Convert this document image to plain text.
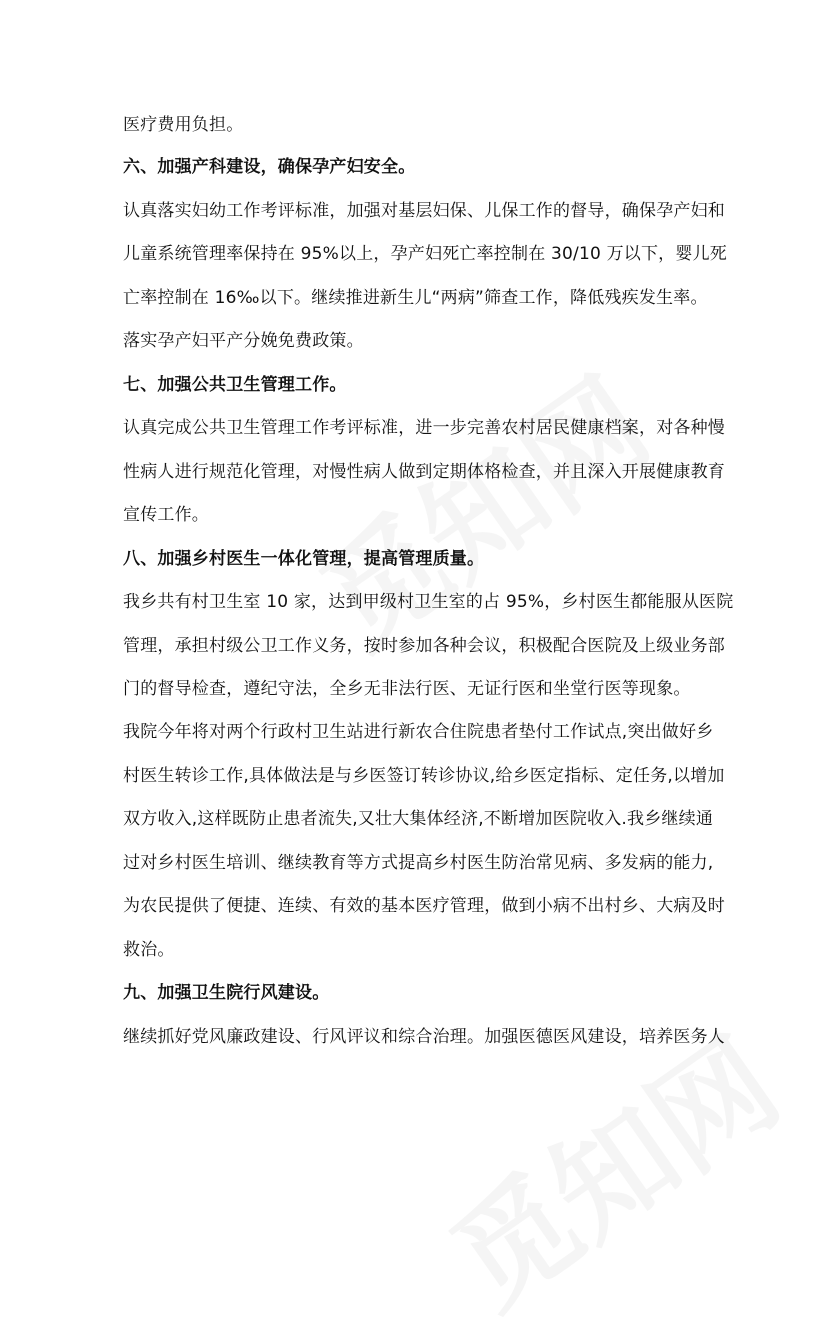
医疗费用负担。
六、加强产科建设，确保孕产妇安全。
认真落实妇幼工作考评标准，加强对基层妇保、儿保工作的督导，确保孕产妇和
儿童系统管理率保持在 95%以上，孕产妇死亡率控制在 30/10 万以下，婴儿死
亡率控制在 16‰以下。继续推进新生儿“两病”筛查工作，降低残疾发生率。
落实孕产妇平产分娩免费政策。
七、加强公共卫生管理工作。
认真完成公共卫生管理工作考评标准，进一步完善农村居民健康档案，对各种慢
性病人进行规范化管理，对慢性病人做到定期体格检查，并且深入开展健康教育
宣传工作。
八、加强乡村医生一体化管理，提高管理质量。
我乡共有村卫生室 10 家，达到甲级村卫生室的占 95%，乡村医生都能服从医院
管理，承担村级公卫工作义务，按时参加各种会议，积极配合医院及上级业务部
门的督导检查，遵纪守法，全乡无非法行医、无证行医和坐堂行医等现象。
我院今年将对两个行政村卫生站进行新农合住院患者垫付工作试点,突出做好乡
村医生转诊工作,具体做法是与乡医签订转诊协议,给乡医定指标、定任务,以增加
双方收入,这样既防止患者流失,又壮大集体经济,不断增加医院收入.我乡继续通
过对乡村医生培训、继续教育等方式提高乡村医生防治常见病、多发病的能力,
为农民提供了便捷、连续、有效的基本医疗管理，做到小病不出村乡、大病及时
救治。
九、加强卫生院行风建设。
继续抓好党风廉政建设、行风评议和综合治理。加强医德医风建设，培养医务人
